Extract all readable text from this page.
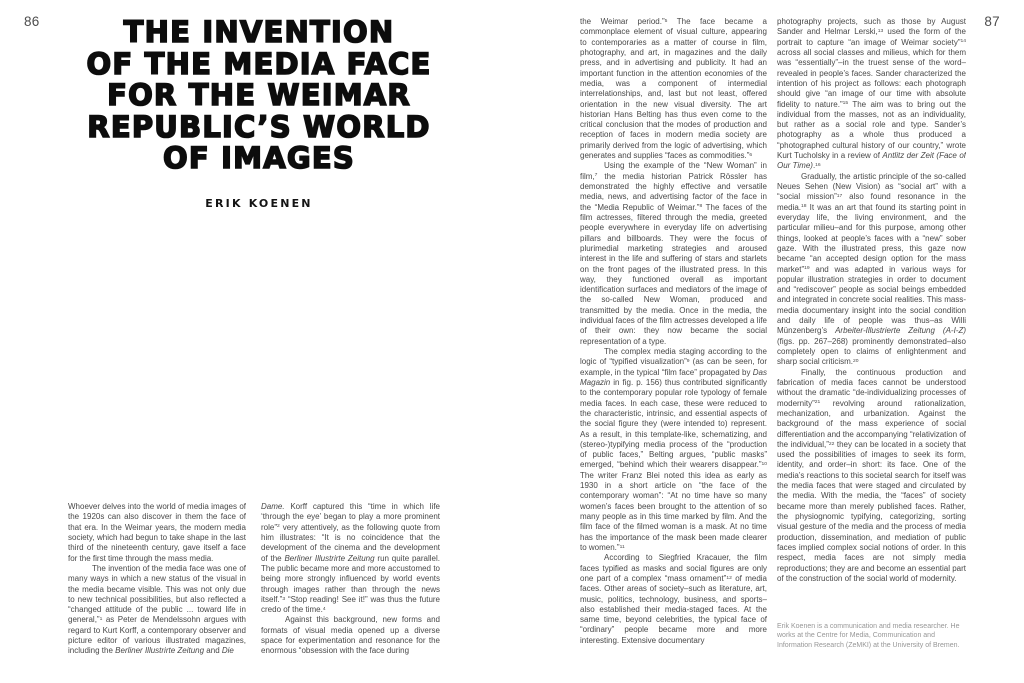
86	87
THE INVENTION
OF THE MEDIA FACE
FOR THE WEIMAR
REPUBLIC’S WORLD
OF IMAGES
ERIK KOENEN

Whoever delves into the world of media images of the 1920s can also discover in them the face of that era. In the Weimar years, the modern media society, which had begun to take shape in the last third of the nineteenth century, gave itself a face for the first time through the mass media.

The invention of the media face was one of many ways in which a new status of the visual in the media became visible. This was not only due to new technical possibilities, but also reflected a “changed attitude of the public ... toward life in general,”$^1$ as Peter de Mendelssohn argues with regard to Kurt Korff, a contemporary observer and picture editor of various illustrated magazines, including the Berliner Illustrirte Zeitung and Die

Dame. Korff captured this “time in which life ‘through the eye’ began to play a more prominent role”$^2$ very attentively, as the following quote from him illustrates: “It is no coincidence that the development of the cinema and the development of the Berliner Illustrirte Zeitung run quite parallel. The public became more and more accustomed to being more strongly influenced by world events through images rather than through the news itself.”$^3$ “Stop reading! See it!” was thus the future credo of the time.$^4$

Against this background, new forms and formats of visual media opened up a diverse space for experimentation and resonance for the enormous “obsession with the face during

the Weimar period.”$^5$ The face became a commonplace element of visual culture, appearing to contemporaries as a matter of course in film, photography, and art, in magazines and the daily press, and in advertising and publicity. It had an important function in the attention economies of the media, was a component of intermedial interrelationships, and, last but not least, offered orientation in the new visual diversity. The art historian Hans Belting has thus even come to the critical conclusion that the modes of production and reception of faces in modern media society are primarily derived from the logic of advertising, which generates and supplies “faces as commodities.”$^6$

Using the example of the “New Woman” in film,$^7$ the media historian Patrick Rössler has demonstrated the highly effective and versatile media, news, and advertising factor of the face in the “Media Republic of Weimar.”$^8$ The faces of the film actresses, filtered through the media, greeted people everywhere in everyday life on advertising pillars and billboards. They were the focus of plurimedial marketing strategies and aroused interest in the life and suffering of stars and starlets on the front pages of the illustrated press. In this way, they functioned overall as important identification surfaces and mediators of the image of the so-called New Woman, produced and transmitted by the media. Once in the media, the individual faces of the film actresses developed a life of their own: they now became the social representation of a type.

The complex media staging according to the logic of “typified visualization”$^9$ (as can be seen, for example, in the typical “film face” propagated by Das Magazin in fig. p. 156) thus contributed significantly to the contemporary popular role typology of female media faces. In each case, these were reduced to the characteristic, intrinsic, and essential aspects of the social figure they (were intended to) represent. As a result, in this template-like, schematizing, and (stereo-)typifying media process of the “production of public faces,” Belting argues, “public masks” emerged, “behind which their wearers disappear.”$^{10}$ The writer Franz Blei noted this idea as early as 1930 in a short article on “the face of the contemporary woman”: “At no time have so many women’s faces been brought to the attention of so many people as in this time marked by film. And the film face of the filmed woman is a mask. At no time has the importance of the mask been made clearer to women.”$^{11}$

According to Siegfried Kracauer, the film faces typified as masks and social figures are only one part of a complex “mass ornament”$^{12}$ of media faces. Other areas of society–such as literature, art, music, politics, technology, business, and sports–also established their media-staged faces. At the same time, beyond celebrities, the typical face of “ordinary” people became more and more interesting. Extensive documentary

photography projects, such as those by August Sander and Helmar Lerski,$^{13}$ used the form of the portrait to capture “an image of Weimar society”$^{14}$ across all social classes and milieus, which for them was “essentially”–in the truest sense of the word–revealed in people’s faces. Sander characterized the intention of his project as follows: each photograph should give “an image of our time with absolute fidelity to nature.”$^{15}$ The aim was to bring out the individual from the masses, not as an individuality, but rather as a social role and type. Sander’s photography as a whole thus produced a “photographed cultural history of our country,” wrote Kurt Tucholsky in a review of Antlitz der Zeit (Face of Our Time).$^{16}$

Gradually, the artistic principle of the so-called Neues Sehen (New Vision) as “social art” with a “social mission”$^{17}$ also found resonance in the media.$^{18}$ It was an art that found its starting point in everyday life, the living environment, and the particular milieu–and for this purpose, among other things, looked at people’s faces with a “new” sober gaze. With the illustrated press, this gaze now became “an accepted design option for the mass market”$^{19}$ and was adapted in various ways for popular illustration strategies in order to document and “rediscover” people as social beings embedded and integrated in concrete social realities. This mass-media documentary insight into the social condition and daily life of people was thus–as Willi Münzenberg’s Arbeiter-Illustrierte Zeitung (A-I-Z) (figs. pp. 267–268) prominently demonstrated–also completely open to claims of enlightenment and sharp social criticism.$^{20}$

Finally, the continuous production and fabrication of media faces cannot be understood without the dramatic “de-individualizing processes of modernity”$^{21}$ revolving around rationalization, mechanization, and urbanization. Against the background of the mass experience of social differentiation and the accompanying “relativization of the individual,”$^{22}$ they can be located in a society that used the possibilities of images to seek its form, identity, and order–in short: its face. One of the media’s reactions to this societal search for itself was the media faces that were staged and circulated by the media. With the media, the “faces” of society became more than merely published faces. Rather, the physiognomic typifying, categorizing, sorting visual gesture of the media and the process of media production, dissemination, and mediation of public faces implied complex social notions of order. In this respect, media faces are not simply media reproductions; they are and become an essential part of the construction of the social world of modernity.

Erik Koenen is a communication and media researcher. He works at the Centre for Media, Communication and Information Research (ZeMKI) at the University of Bremen.
